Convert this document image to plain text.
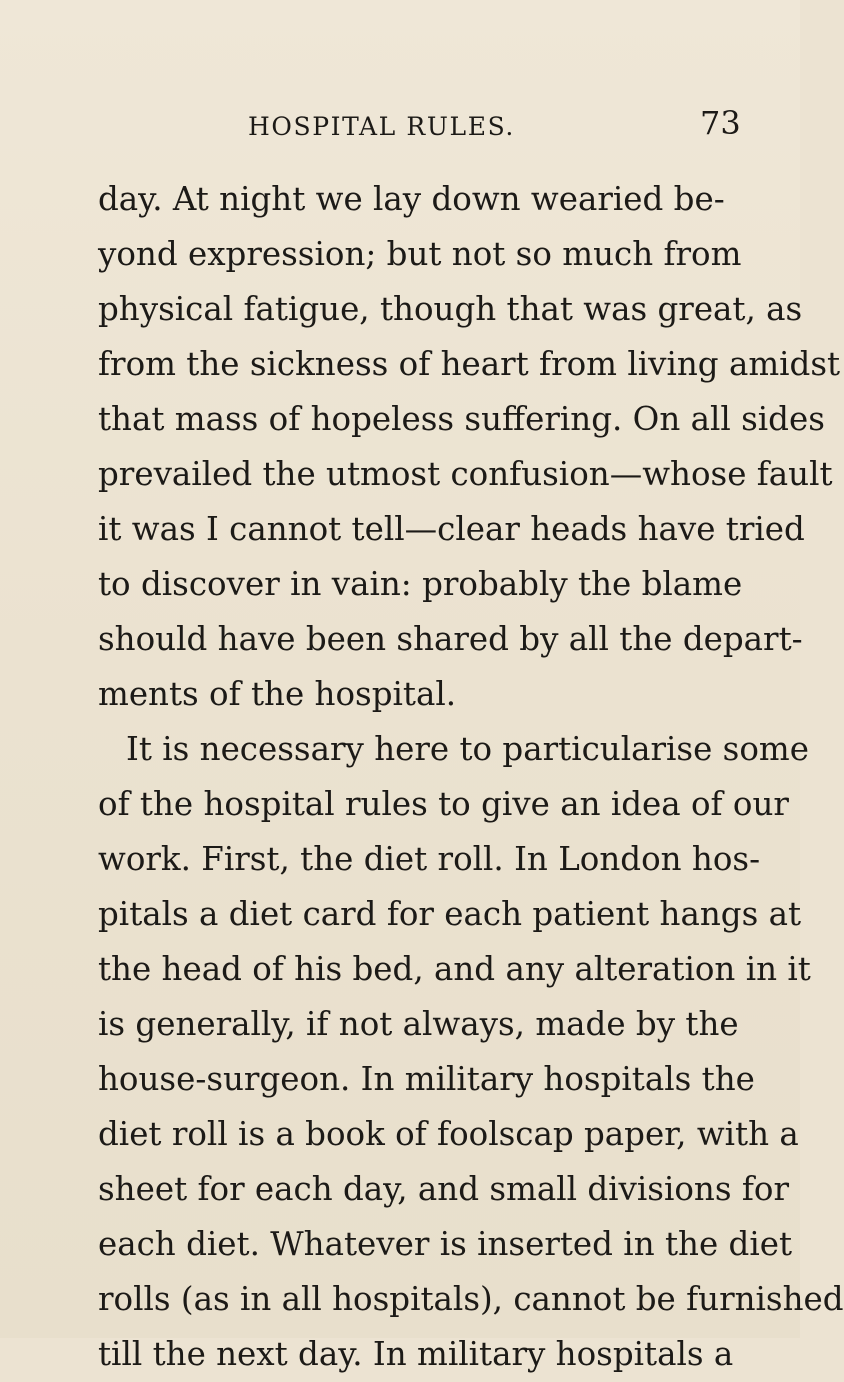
HOSPITAL RULES.	73
day. At night we lay down wearied be-
yond expression; but not so much from
physical fatigue, though that was great, as
from the sickness of heart from living amidst
that mass of hopeless suffering. On all sides
prevailed the utmost confusion—whose fault
it was I cannot tell—clear heads have tried
to discover in vain: probably the blame
should have been shared by all the depart-
ments of the hospital.
It is necessary here to particularise some
of the hospital rules to give an idea of our
work. First, the diet roll. In London hos-
pitals a diet card for each patient hangs at
the head of his bed, and any alteration in it
is generally, if not always, made by the
house-surgeon. In military hospitals the
diet roll is a book of foolscap paper, with a
sheet for each day, and small divisions for
each diet. Whatever is inserted in the diet
rolls (as in all hospitals), cannot be furnished
till the next day. In military hospitals a
